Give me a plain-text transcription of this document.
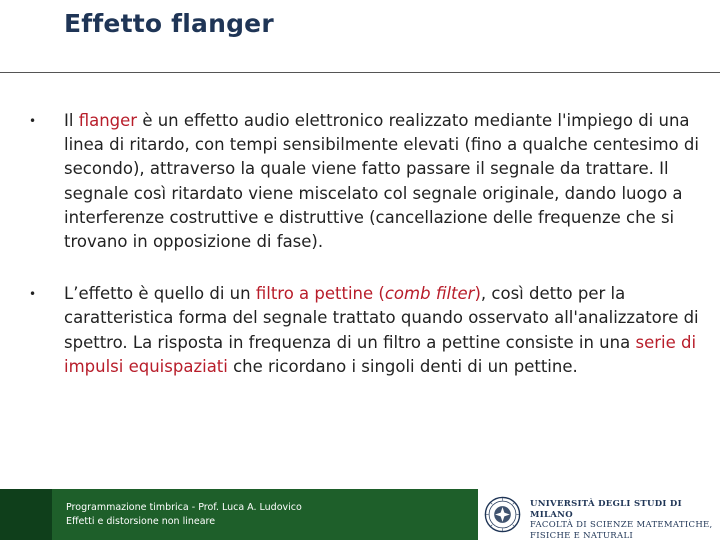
Effetto flanger
•	Il flanger è un effetto audio elettronico realizzato mediante l'impiego di una linea di ritardo, con tempi sensibilmente elevati (fino a qualche centesimo di secondo), attraverso la quale viene fatto passare il segnale da trattare. Il segnale così ritardato viene miscelato col segnale originale, dando luogo a interferenze costruttive e distruttive (cancellazione delle frequenze che si trovano in opposizione di fase).
•	L’effetto è quello di un filtro a pettine (comb filter), così detto per la caratteristica forma del segnale trattato quando osservato all'analizzatore di spettro. La risposta in frequenza di un filtro a pettine consiste in una serie di impulsi equispaziati che ricordano i singoli denti di un pettine.
Programmazione timbrica - Prof. Luca A. Ludovico
Effetti e distorsione non lineare
UNIVERSITÀ DEGLI STUDI DI MILANO
FACOLTÀ DI SCIENZE MATEMATICHE,
FISICHE E NATURALI
